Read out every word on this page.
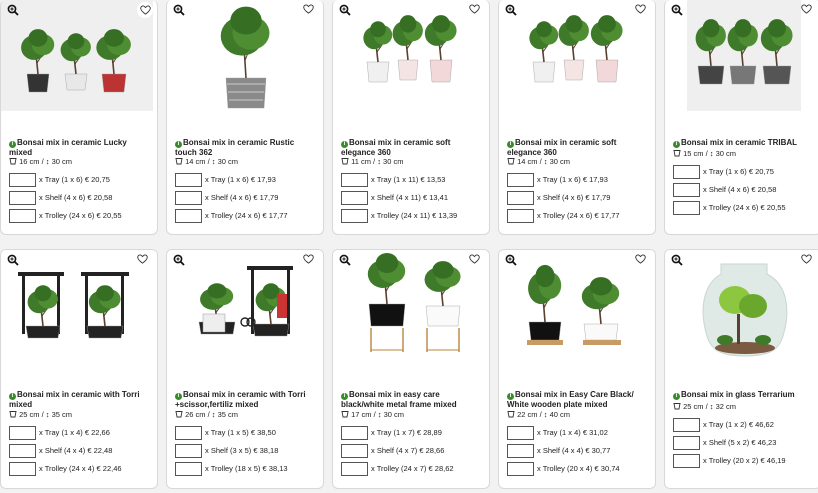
i Bonsai mix in ceramic Lucky mixed
16 cm / ↕ 30 cm
x Tray (1 x 6) € 20,75
x Shelf (4 x 6) € 20,58
x Trolley (24 x 6) € 20,55
i Bonsai mix in ceramic Rustic touch 362
14 cm / ↕ 30 cm
x Tray (1 x 6) € 17,93
x Shelf (4 x 6) € 17,79
x Trolley (24 x 6) € 17,77
i Bonsai mix in ceramic soft elegance 360
11 cm / ↕ 30 cm
x Tray (1 x 11) € 13,53
x Shelf (4 x 11) € 13,41
x Trolley (24 x 11) € 13,39
i Bonsai mix in ceramic soft elegance 360
14 cm / ↕ 30 cm
x Tray (1 x 6) € 17,93
x Shelf (4 x 6) € 17,79
x Trolley (24 x 6) € 17,77
i Bonsai mix in ceramic TRIBAL
15 cm / ↕ 30 cm
x Tray (1 x 6) € 20,75
x Shelf (4 x 6) € 20,58
x Trolley (24 x 6) € 20,55
i Bonsai mix in ceramic with Torri mixed
25 cm / ↕ 35 cm
x Tray (1 x 4) € 22,66
x Shelf (4 x 4) € 22,48
x Trolley (24 x 4) € 22,46
i Bonsai mix in ceramic with Torri +scissor,fertiliz mixed
26 cm / ↕ 35 cm
x Tray (1 x 5) € 38,50
x Shelf (3 x 5) € 38,18
x Trolley (18 x 5) € 38,13
i Bonsai mix in easy care black/white metal frame mixed
17 cm / ↕ 30 cm
x Tray (1 x 7) € 28,89
x Shelf (4 x 7) € 28,66
x Trolley (24 x 7) € 28,62
i Bonsai mix in Easy Care Black/ White wooden plate mixed
22 cm / ↕ 40 cm
x Tray (1 x 4) € 31,02
x Shelf (4 x 4) € 30,77
x Trolley (20 x 4) € 30,74
i Bonsai mix in glass Terrarium
25 cm / ↕ 32 cm
x Tray (1 x 2) € 46,62
x Shelf (5 x 2) € 46,23
x Trolley (20 x 2) € 46,19
